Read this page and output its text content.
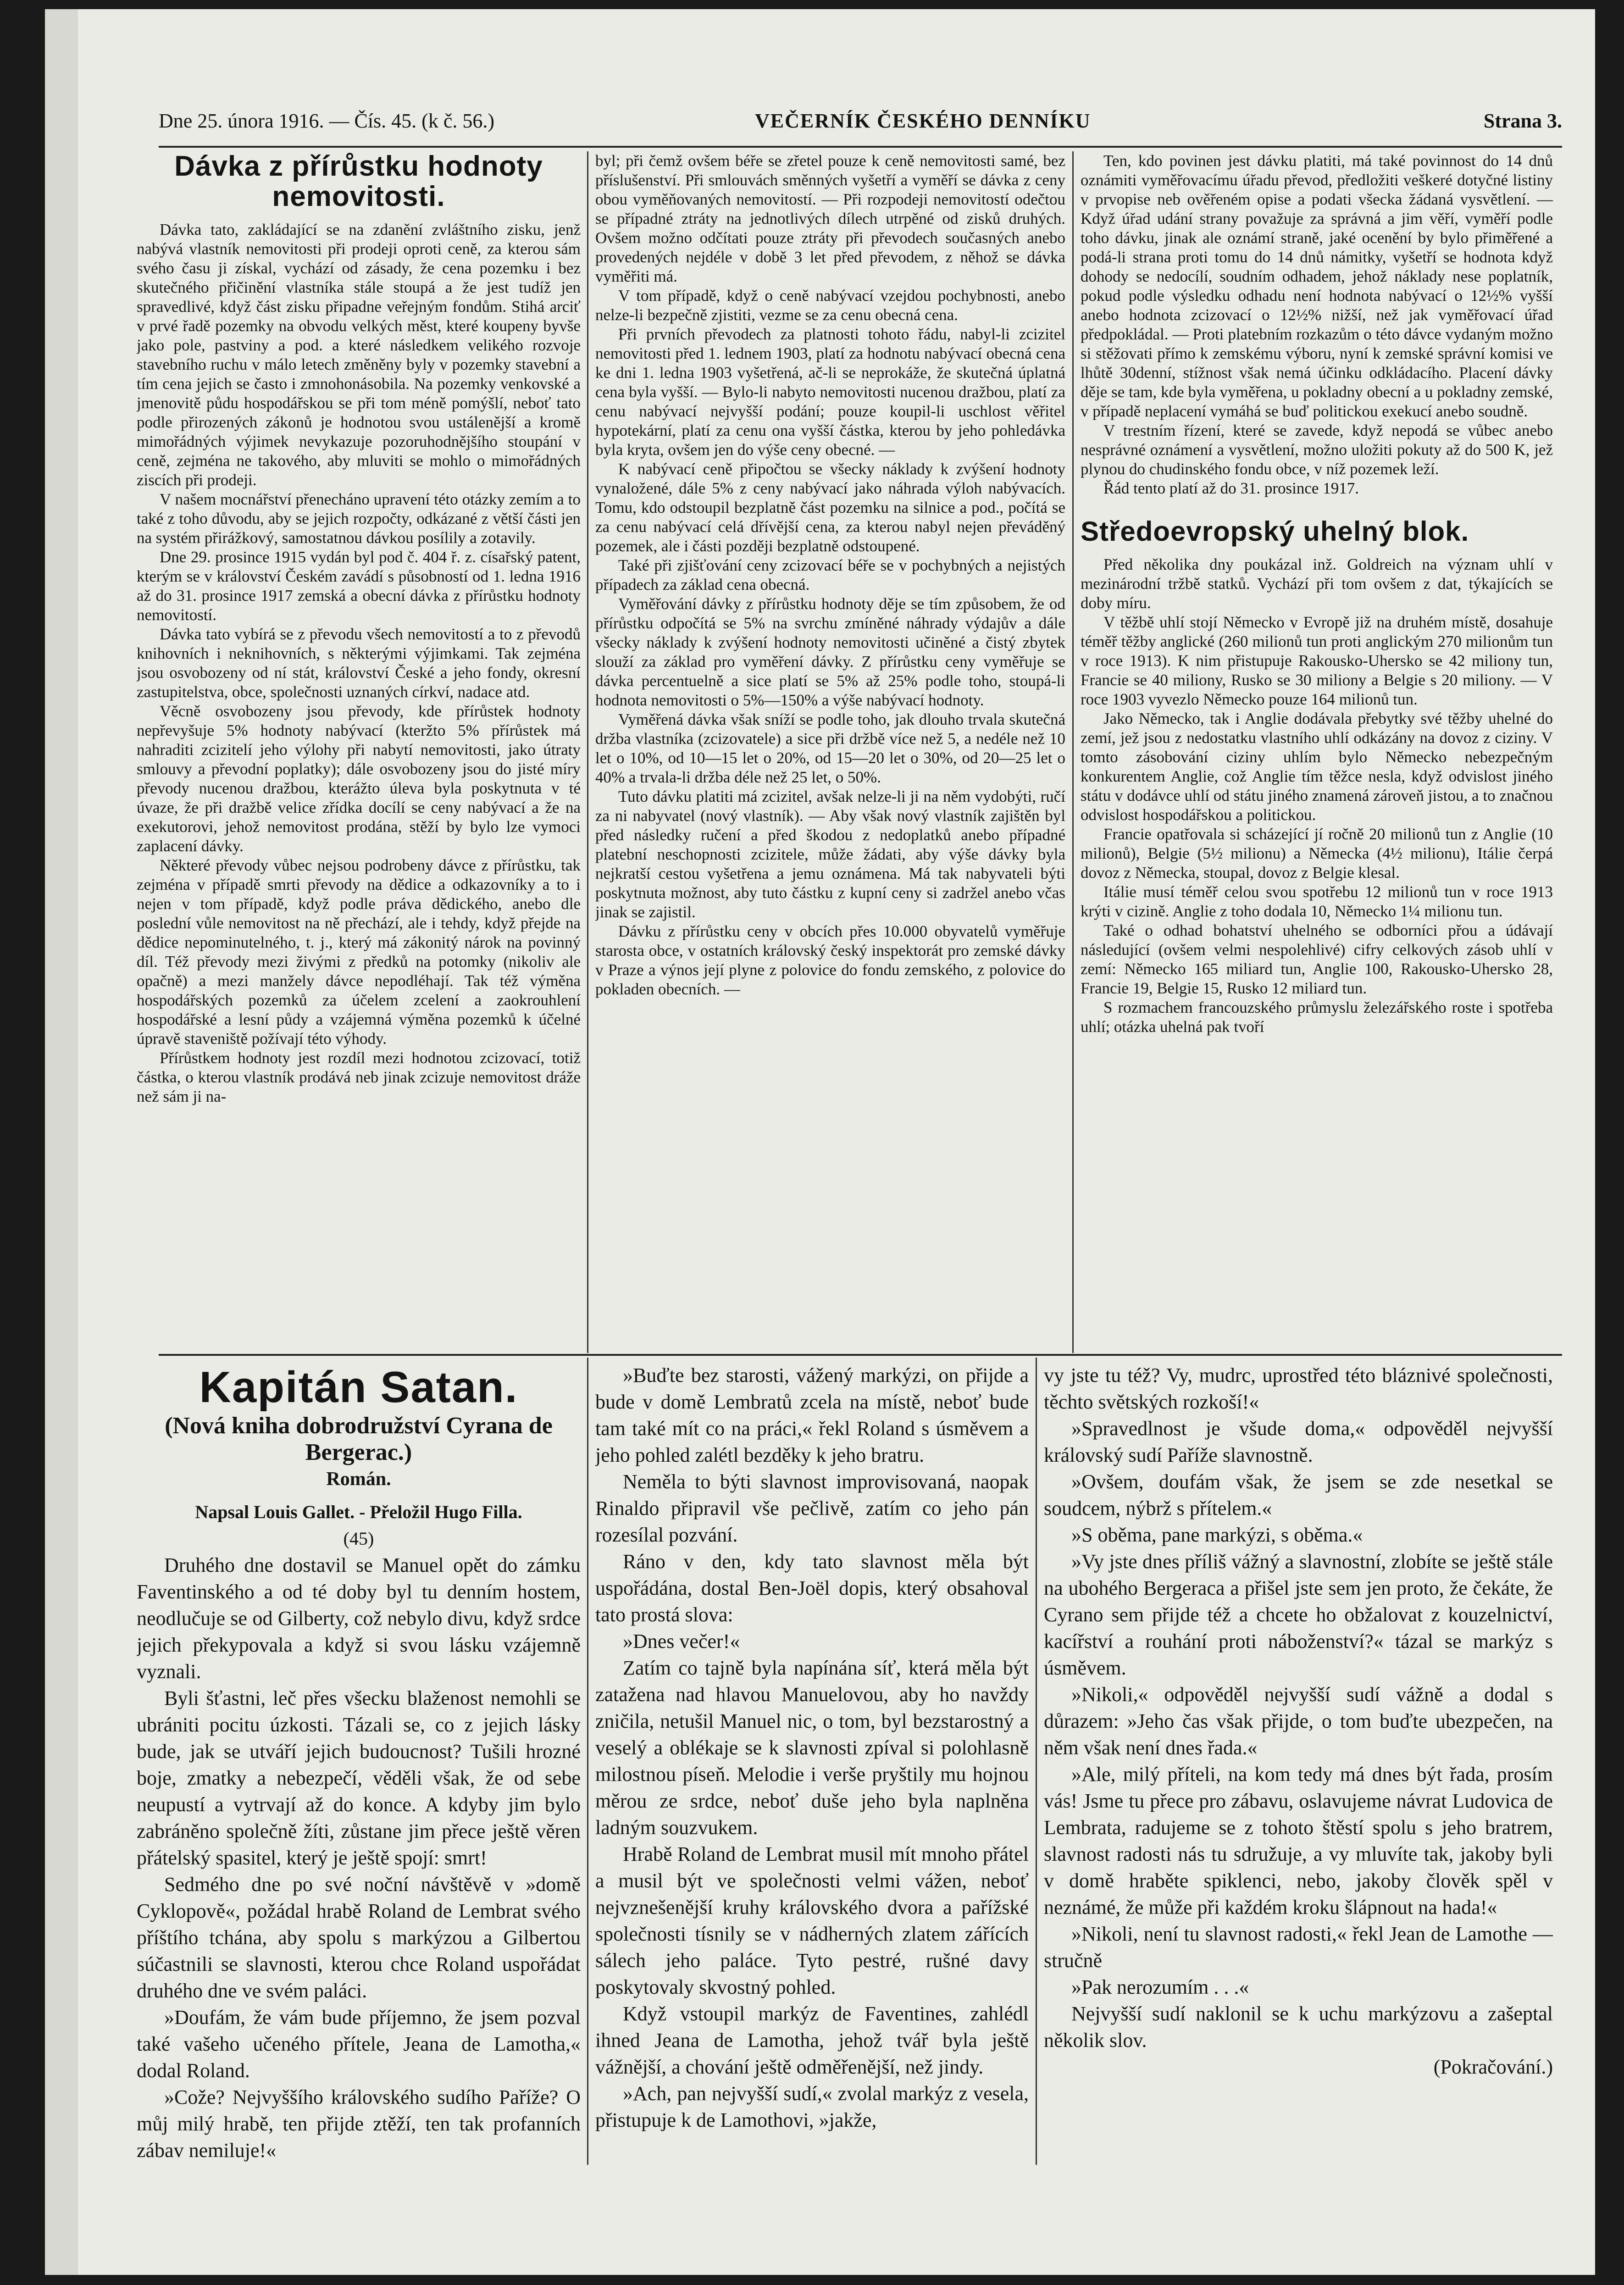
Dne 25. února 1916. — Čís. 45. (k č. 56.)	VEČERNÍK ČESKÉHO DENNÍKU	Strana 3.
Dávka z přírůstku hodnoty nemovitosti.

Dávka tato, zakládající se na zdanění zvláštního zisku, jenž nabývá vlastník nemovitosti při prodeji oproti ceně, za kterou sám svého času ji získal, vychází od zásady, že cena pozemku i bez skutečného přičinění vlastníka stále stoupá a že jest tudíž jen spravedlivé, když část zisku připadne veřejným fondům. Stihá arciť v prvé řadě pozemky na obvodu velkých měst, které koupeny byvše jako pole, pastviny a pod. a které následkem velikého rozvoje stavebního ruchu v málo letech změněny byly v pozemky stavební a tím cena jejich se často i zmnohonásobila. Na pozemky venkovské a jmenovitě půdu hospodářskou se při tom méně pomýšlí, neboť tato podle přirozených zákonů je hodnotou svou ustálenější a kromě mimořádných výjimek nevykazuje pozoruhodnějšího stoupání v ceně, zejména ne takového, aby mluviti se mohlo o mimořádných ziscích při prodeji.

V našem mocnářství přenecháno upravení této otázky zemím a to také z toho důvodu, aby se jejich rozpočty, odkázané z větší části jen na systém přirážkový, samostatnou dávkou posílily a zotavily.

Dne 29. prosince 1915 vydán byl pod č. 404 ř. z. císařský patent, kterým se v království Českém zavádí s působností od 1. ledna 1916 až do 31. prosince 1917 zemská a obecní dávka z přírůstku hodnoty nemovitostí.

Dávka tato vybírá se z převodu všech nemovitostí a to z převodů knihovních i neknihovních, s některými výjimkami. Tak zejména jsou osvobozeny od ní stát, království České a jeho fondy, okresní zastupitelstva, obce, společnosti uznaných církví, nadace atd.

Věcně osvobozeny jsou převody, kde přírůstek hodnoty nepřevyšuje 5% hodnoty nabývací (kteržto 5% přírůstek má nahraditi zcizitelí jeho výlohy při nabytí nemovitosti, jako útraty smlouvy a převodní poplatky); dále osvobozeny jsou do jisté míry převody nucenou dražbou, kterážto úleva byla poskytnuta v té úvaze, že při dražbě velice zřídka docílí se ceny nabývací a že na exekutorovi, jehož nemovitost prodána, stěží by bylo lze vymoci zaplacení dávky.

Některé převody vůbec nejsou podrobeny dávce z přírůstku, tak zejména v případě smrti převody na dědice a odkazovníky a to i nejen v tom případě, když podle práva dědického, anebo dle poslední vůle nemovitost na ně přechází, ale i tehdy, když přejde na dědice nepominutelného, t. j., který má zákonitý nárok na povinný díl. Též převody mezi živými z předků na potomky (nikoliv ale opačně) a mezi manžely dávce nepodléhají. Tak též výměna hospodářských pozemků za účelem zcelení a zaokrouhlení hospodářské a lesní půdy a vzájemná výměna pozemků k účelné úpravě staveniště požívají této výhody.

Přírůstkem hodnoty jest rozdíl mezi hodnotou zcizovací, totiž částka, o kterou vlastník prodává neb jinak zcizuje nemovitost dráže než sám ji na-

byl; při čemž ovšem béře se zřetel pouze k ceně nemovitosti samé, bez příslušenství. Při smlouvách směnných vyšetří a vyměří se dávka z ceny obou vyměňovaných nemovitostí. — Při rozpodeji nemovitostí odečtou se případné ztráty na jednotlivých dílech utrpěné od zisků druhých. Ovšem možno odčítati pouze ztráty při převodech současných anebo provedených nejdéle v době 3 let před převodem, z něhož se dávka vyměřiti má.

V tom případě, když o ceně nabývací vzejdou pochybnosti, anebo nelze-li bezpečně zjistiti, vezme se za cenu obecná cena.

Při prvních převodech za platnosti tohoto řádu, nabyl-li zcizitel nemovitosti před 1. lednem 1903, platí za hodnotu nabývací obecná cena ke dni 1. ledna 1903 vyšetřená, ač-li se neprokáže, že skutečná úplatná cena byla vyšší. — Bylo-li nabyto nemovitosti nucenou dražbou, platí za cenu nabývací nejvyšší podání; pouze koupil-li uschlost věřitel hypotekární, platí za cenu ona vyšší částka, kterou by jeho pohledávka byla kryta, ovšem jen do výše ceny obecné. —

K nabývací ceně připočtou se všecky náklady k zvýšení hodnoty vynaložené, dále 5% z ceny nabývací jako náhrada výloh nabývacích. Tomu, kdo odstoupil bezplatně část pozemku na silnice a pod., počítá se za cenu nabývací celá dřívější cena, za kterou nabyl nejen převáděný pozemek, ale i části později bezplatně odstoupené.

Také při zjišťování ceny zcizovací béře se v pochybných a nejistých případech za základ cena obecná.

Vyměřování dávky z přírůstku hodnoty děje se tím způsobem, že od přírůstku odpočítá se 5% na svrchu zmíněné náhrady výdajův a dále všecky náklady k zvýšení hodnoty nemovitosti učiněné a čistý zbytek slouží za základ pro vyměření dávky. Z přírůstku ceny vyměřuje se dávka percentuelně a sice platí se 5% až 25% podle toho, stoupá-li hodnota nemovitosti o 5%—150% a výše nabývací hodnoty.

Vyměřená dávka však sníží se podle toho, jak dlouho trvala skutečná držba vlastníka (zcizovatele) a sice při držbě více než 5, a nedéle než 10 let o 10%, od 10—15 let o 20%, od 15—20 let o 30%, od 20—25 let o 40% a trvala-li držba déle než 25 let, o 50%.

Tuto dávku platiti má zcizitel, avšak nelze-li ji na něm vydobýti, ručí za ni nabyvatel (nový vlastník). — Aby však nový vlastník zajištěn byl před následky ručení a před škodou z nedoplatků anebo případné platební neschopnosti zcizitele, může žádati, aby výše dávky byla nejkratší cestou vyšetřena a jemu oznámena. Má tak nabyvateli býti poskytnuta možnost, aby tuto částku z kupní ceny si zadržel anebo včas jinak se zajistil.

Dávku z přírůstku ceny v obcích přes 10.000 obyvatelů vyměřuje starosta obce, v ostatních královský český inspektorát pro zemské dávky v Praze a výnos její plyne z polovice do fondu zemského, z polovice do pokladen obecních. —

Ten, kdo povinen jest dávku platiti, má také povinnost do 14 dnů oznámiti vyměřovacímu úřadu převod, předložiti veškeré dotyčné listiny v prvopise neb ověřeném opise a podati všecka žádaná vysvětlení. — Když úřad udání strany považuje za správná a jim věří, vyměří podle toho dávku, jinak ale oznámí straně, jaké ocenění by bylo přiměřené a podá-li strana proti tomu do 14 dnů námitky, vyšetří se hodnota když dohody se nedocílí, soudním odhadem, jehož náklady nese poplatník, pokud podle výsledku odhadu není hodnota nabývací o 12½% vyšší anebo hodnota zcizovací o 12½% nižší, než jak vyměřovací úřad předpokládal. — Proti platebním rozkazům o této dávce vydaným možno si stěžovati přímo k zemskému výboru, nyní k zemské správní komisi ve lhůtě 30denní, stížnost však nemá účinku odkládacího. Placení dávky děje se tam, kde byla vyměřena, u pokladny obecní a u pokladny zemské, v případě neplacení vymáhá se buď politickou exekucí anebo soudně.

V trestním řízení, které se zavede, když nepodá se vůbec anebo nesprávné oznámení a vysvětlení, možno uložiti pokuty až do 500 K, jež plynou do chudinského fondu obce, v níž pozemek leží.

Řád tento platí až do 31. prosince 1917.

Středoevropský uhelný blok.

Před několika dny poukázal inž. Goldreich na význam uhlí v mezinárodní tržbě statků. Vychází při tom ovšem z dat, týkajících se doby míru.

V těžbě uhlí stojí Německo v Evropě již na druhém místě, dosahuje téměř těžby anglické (260 milionů tun proti anglickým 270 milionům tun v roce 1913). K nim přistupuje Rakousko-Uhersko se 42 miliony tun, Francie se 40 miliony, Rusko se 30 miliony a Belgie s 20 miliony. — V roce 1903 vyvezlo Německo pouze 164 milionů tun.

Jako Německo, tak i Anglie dodávala přebytky své těžby uhelné do zemí, jež jsou z nedostatku vlastního uhlí odkázány na dovoz z ciziny. V tomto zásobování ciziny uhlím bylo Německo nebezpečným konkurentem Anglie, což Anglie tím těžce nesla, když odvislost jiného státu v dodávce uhlí od státu jiného znamená zároveň jistou, a to značnou odvislost hospodářskou a politickou.

Francie opatřovala si scházející jí ročně 20 milionů tun z Anglie (10 milionů), Belgie (5½ milionu) a Německa (4½ milionu), Itálie čerpá dovoz z Německa, stoupal, dovoz z Belgie klesal.

Itálie musí téměř celou svou spotřebu 12 milionů tun v roce 1913 krýti v cizině. Anglie z toho dodala 10, Německo 1¼ milionu tun.

Také o odhad bohatství uhelného se odborníci přou a údávají následující (ovšem velmi nespolehlivé) cifry celkových zásob uhlí v zemí: Německo 165 miliard tun, Anglie 100, Rakousko-Uhersko 28, Francie 19, Belgie 15, Rusko 12 miliard tun.

S rozmachem francouzského průmyslu železářského roste i spotřeba uhlí; otázka uhelná pak tvoří

Kapitán Satan.
(Nová kniha dobrodružství Cyrana de Bergerac.)
Román.
Napsal Louis Gallet. - Přeložil Hugo Filla.
(45)

Druhého dne dostavil se Manuel opět do zámku Faventinského a od té doby byl tu denním hostem, neodlučuje se od Gilberty, což nebylo divu, když srdce jejich překypovala a když si svou lásku vzájemně vyznali.

Byli šťastni, leč přes všecku blaženost nemohli se ubrániti pocitu úzkosti. Tázali se, co z jejich lásky bude, jak se utváří jejich budoucnost? Tušili hrozné boje, zmatky a nebezpečí, věděli však, že od sebe neupustí a vytrvají až do konce. A kdyby jim bylo zabráněno společně žíti, zůstane jim přece ještě věren přátelský spasitel, který je ještě spojí: smrt!

Sedmého dne po své noční návštěvě v »domě Cyklopově«, požádal hrabě Roland de Lembrat svého příštího tchána, aby spolu s markýzou a Gilbertou súčastnili se slavnosti, kterou chce Roland uspořádat druhého dne ve svém paláci.

»Doufám, že vám bude příjemno, že jsem pozval také vašeho učeného přítele, Jeana de Lamotha,« dodal Roland.

»Cože? Nejvyššího královského sudího Paříže? O můj milý hrabě, ten přijde ztěží, ten tak profanních zábav nemiluje!«

»Buďte bez starosti, vážený markýzi, on přijde a bude v domě Lembratů zcela na místě, neboť bude tam také mít co na práci,« řekl Roland s úsměvem a jeho pohled zalétl bezděky k jeho bratru.

Neměla to býti slavnost improvisovaná, naopak Rinaldo připravil vše pečlivě, zatím co jeho pán rozesílal pozvání.

Ráno v den, kdy tato slavnost měla být uspořádána, dostal Ben-Joël dopis, který obsahoval tato prostá slova:

»Dnes večer!«

Zatím co tajně byla napínána síť, která měla být zatažena nad hlavou Manuelovou, aby ho navždy zničila, netušil Manuel nic, o tom, byl bezstarostný a veselý a oblékaje se k slavnosti zpíval si polohlasně milostnou píseň. Melodie i verše pryštily mu hojnou měrou ze srdce, neboť duše jeho byla naplněna ladným souzvukem.

Hrabě Roland de Lembrat musil mít mnoho přátel a musil být ve společnosti velmi vážen, neboť nejvznešenější kruhy královského dvora a pařížské společnosti tísnily se v nádherných zlatem zářících sálech jeho paláce. Tyto pestré, rušné davy poskytovaly skvostný pohled.

Když vstoupil markýz de Faventines, zahlédl ihned Jeana de Lamotha, jehož tvář byla ještě vážnější, a chování ještě odměřenější, než jindy.

»Ach, pan nejvyšší sudí,« zvolal markýz z vesela, přistupuje k de Lamothovi, »jakže,

vy jste tu též? Vy, mudrc, uprostřed této bláznivé společnosti, těchto světských rozkoší!«

»Spravedlnost je všude doma,« odpověděl nejvyšší královský sudí Paříže slavnostně.

»Ovšem, doufám však, že jsem se zde nesetkal se soudcem, nýbrž s přítelem.«

»S oběma, pane markýzi, s oběma.«

»Vy jste dnes příliš vážný a slavnostní, zlobíte se ještě stále na ubohého Bergeraca a přišel jste sem jen proto, že čekáte, že Cyrano sem přijde též a chcete ho obžalovat z kouzelnictví, kacířství a rouhání proti náboženství?« tázal se markýz s úsměvem.

»Nikoli,« odpověděl nejvyšší sudí vážně a dodal s důrazem: »Jeho čas však přijde, o tom buďte ubezpečen, na něm však není dnes řada.«

»Ale, milý příteli, na kom tedy má dnes být řada, prosím vás! Jsme tu přece pro zábavu, oslavujeme návrat Ludovica de Lembrata, radujeme se z tohoto štěstí spolu s jeho bratrem, slavnost radosti nás tu sdružuje, a vy mluvíte tak, jakoby byli v domě hraběte spiklenci, nebo, jakoby člověk spěl v neznámé, že může při každém kroku šlápnout na hada!«

»Nikoli, není tu slavnost radosti,« řekl Jean de Lamothe — stručně

»Pak nerozumím . . .«

Nejvyšší sudí naklonil se k uchu markýzovu a zašeptal několik slov.

(Pokračování.)
